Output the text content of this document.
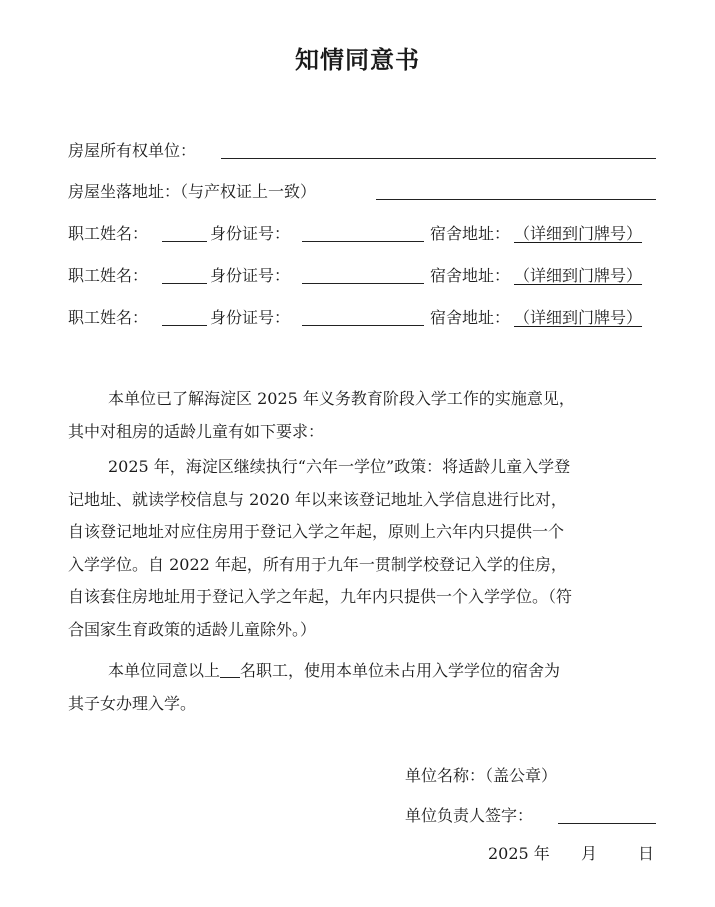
知情同意书
房屋所有权单位：
房屋坐落地址：（与产权证上一致）
职工姓名：	身份证号：	宿舍地址： （详细到门牌号）
职工姓名：	身份证号：	宿舍地址： （详细到门牌号）
职工姓名：	身份证号：	宿舍地址： （详细到门牌号）
本单位已了解海淀区 2025 年义务教育阶段入学工作的实施意见，
其中对租房的适龄儿童有如下要求：
2025 年，海淀区继续执行“六年一学位”政策：将适龄儿童入学登
记地址、就读学校信息与 2020 年以来该登记地址入学信息进行比对，
自该登记地址对应住房用于登记入学之年起，原则上六年内只提供一个
入学学位。自 2022 年起，所有用于九年一贯制学校登记入学的住房，
自该套住房地址用于登记入学之年起，九年内只提供一个入学学位。（符
合国家生育政策的适龄儿童除外。）
本单位同意以上 名职工，使用本单位未占用入学学位的宿舍为
其子女办理入学。
单位名称：（盖公章）
单位负责人签字：
2025 年 月	日
